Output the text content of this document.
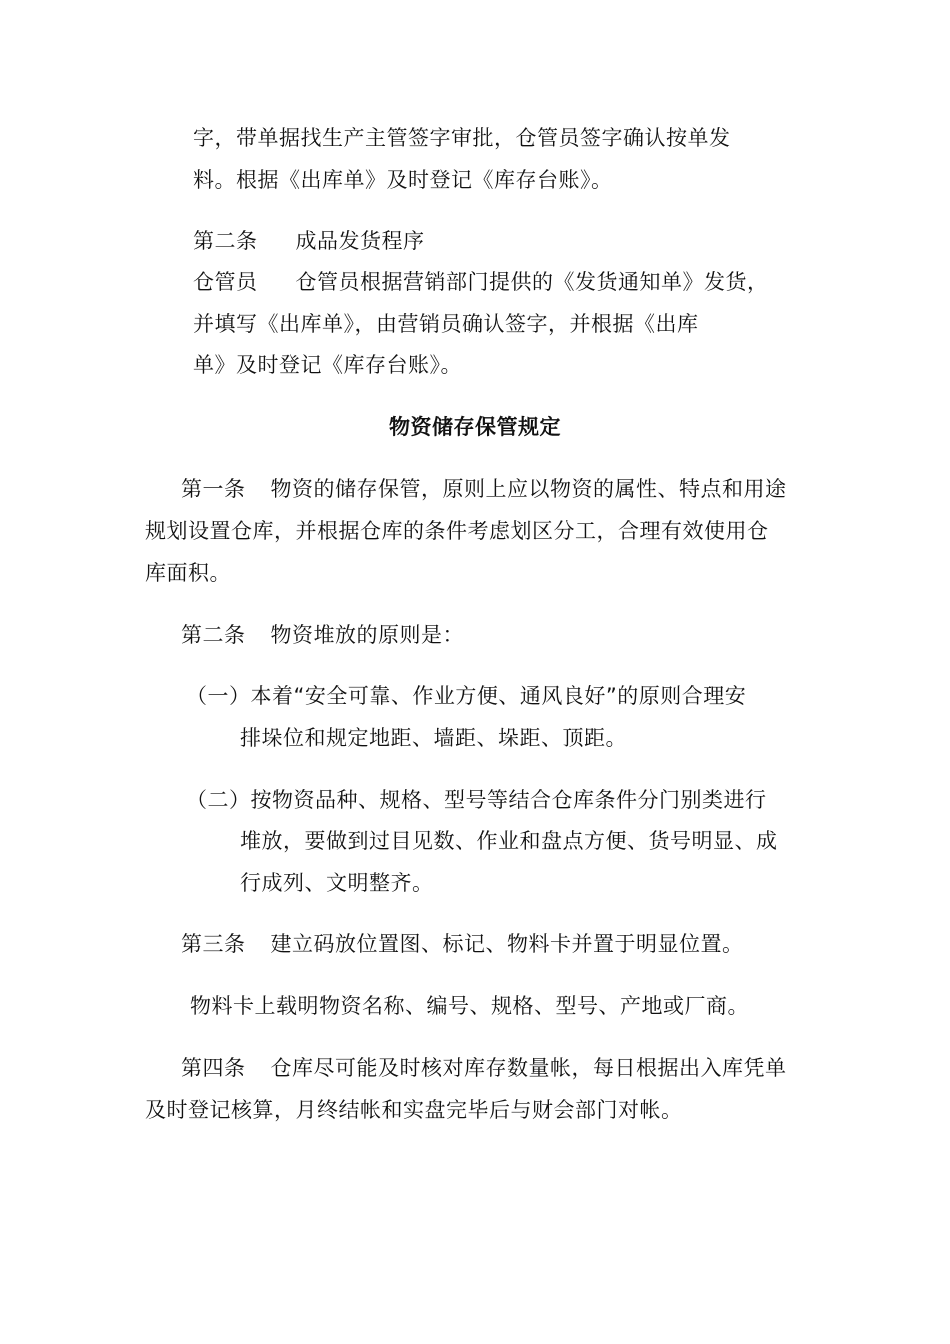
字，带单据找生产主管签字审批，仓管员签字确认按单发
料。根据《出库单》及时登记《库存台账》。
第二条 成品发货程序
仓管员 仓管员根据营销部门提供的《发货通知单》发货，
并填写《出库单》，由营销员确认签字，并根据《出库
单》及时登记《库存台账》。
物资储存保管规定
第一条 物资的储存保管，原则上应以物资的属性、特点和用途
规划设置仓库，并根据仓库的条件考虑划区分工，合理有效使用仓
库面积。
第二条 物资堆放的原则是：
（一）本着“安全可靠、作业方便、通风良好”的原则合理安
排垛位和规定地距、墙距、垛距、顶距。
（二）按物资品种、规格、型号等结合仓库条件分门别类进行
堆放，要做到过目见数、作业和盘点方便、货号明显、成
行成列、文明整齐。
第三条 建立码放位置图、标记、物料卡并置于明显位置。
物料卡上载明物资名称、编号、规格、型号、产地或厂商。
第四条 仓库尽可能及时核对库存数量帐，每日根据出入库凭单
及时登记核算，月终结帐和实盘完毕后与财会部门对帐。
